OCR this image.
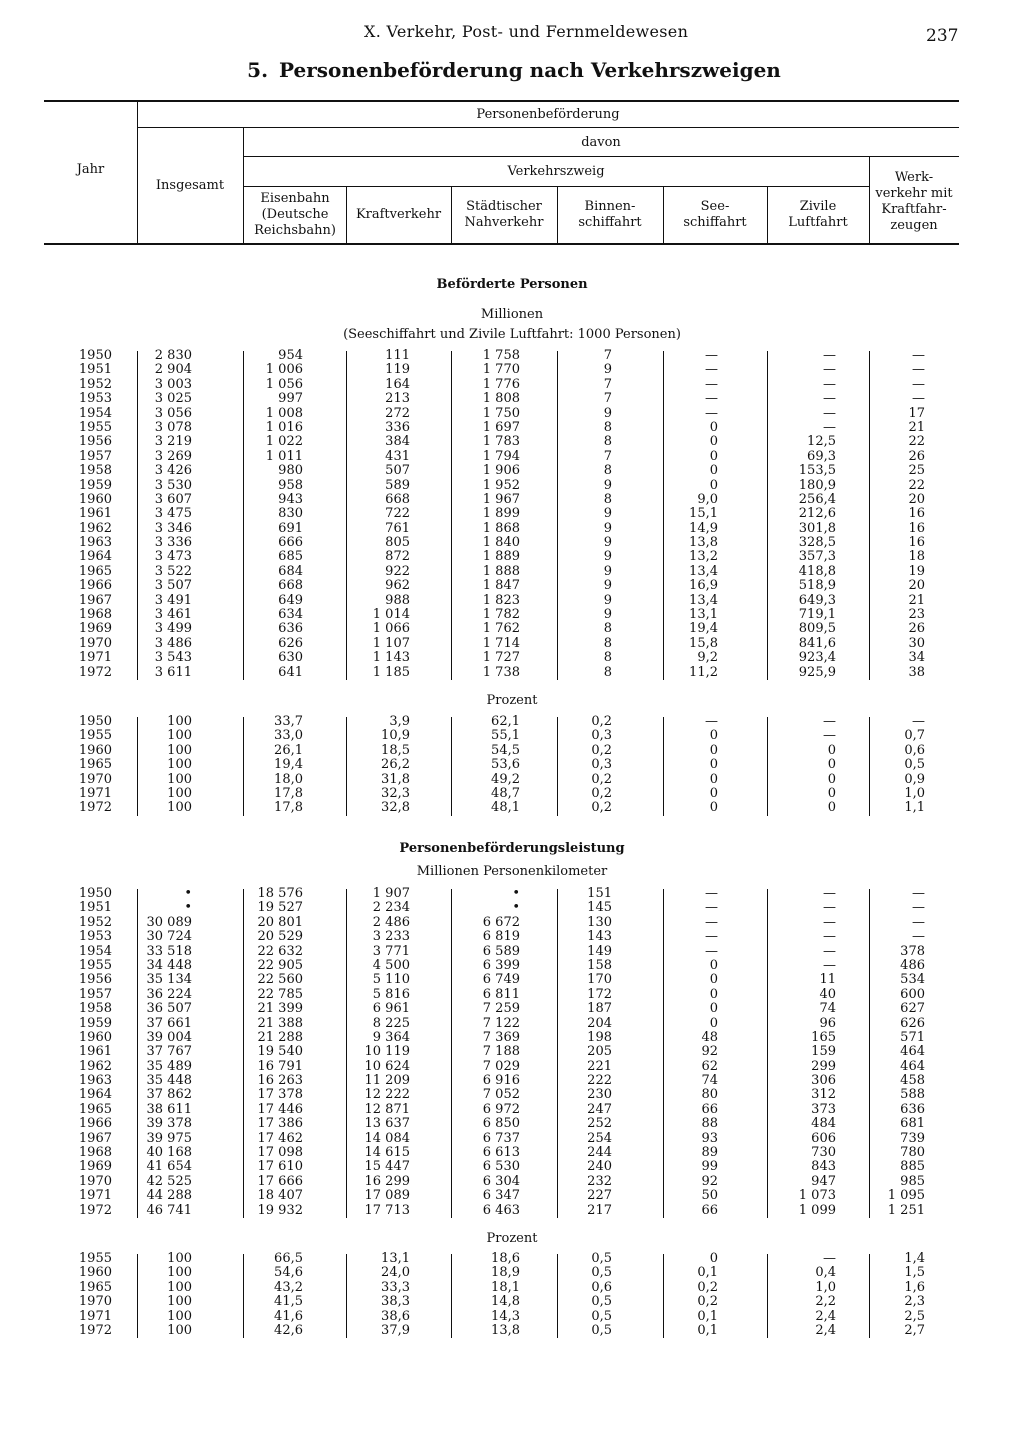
X. Verkehr, Post- und Fernmeldewesen	237
5. Personenbeförderung nach Verkehrszweigen
Jahr
Personenbeförderung
Insgesamt
davon
Verkehrszweig
Eisenbahn (Deutsche Reichsbahn)
Kraftverkehr
Städtischer Nahverkehr
Binnen-schiffahrt
See-schiffahrt
Zivile Luftfahrt
Werk-verkehr mit Kraftfahr-zeugen
Beförderte Personen
Millionen
(Seeschiffahrt und Zivile Luftfahrt: 1000 Personen)
Prozent
Personenbeförderungsleistung
Millionen Personenkilometer
Prozent
1950	2 830	954	111	1 758	7	—	—	—
1951	2 904	1 006	119	1 770	9	—	—	—
1952	3 003	1 056	164	1 776	7	—	—	—
1953	3 025	997	213	1 808	7	—	—	—
1954	3 056	1 008	272	1 750	9	—	—	17
1955	3 078	1 016	336	1 697	8	0	—	21
1956	3 219	1 022	384	1 783	8	0	12,5	22
1957	3 269	1 011	431	1 794	7	0	69,3	26
1958	3 426	980	507	1 906	8	0	153,5	25
1959	3 530	958	589	1 952	9	0	180,9	22
1960	3 607	943	668	1 967	8	9,0	256,4	20
1961	3 475	830	722	1 899	9	15,1	212,6	16
1962	3 346	691	761	1 868	9	14,9	301,8	16
1963	3 336	666	805	1 840	9	13,8	328,5	16
1964	3 473	685	872	1 889	9	13,2	357,3	18
1965	3 522	684	922	1 888	9	13,4	418,8	19
1966	3 507	668	962	1 847	9	16,9	518,9	20
1967	3 491	649	988	1 823	9	13,4	649,3	21
1968	3 461	634	1 014	1 782	9	13,1	719,1	23
1969	3 499	636	1 066	1 762	8	19,4	809,5	26
1970	3 486	626	1 107	1 714	8	15,8	841,6	30
1971	3 543	630	1 143	1 727	8	9,2	923,4	34
1972	3 611	641	1 185	1 738	8	11,2	925,9	38
1950	100	33,7	3,9	62,1	0,2	—	—	—
1955	100	33,0	10,9	55,1	0,3	0	—	0,7
1960	100	26,1	18,5	54,5	0,2	0	0	0,6
1965	100	19,4	26,2	53,6	0,3	0	0	0,5
1970	100	18,0	31,8	49,2	0,2	0	0	0,9
1971	100	17,8	32,3	48,7	0,2	0	0	1,0
1972	100	17,8	32,8	48,1	0,2	0	0	1,1
1950	•	18 576	1 907	•	151	—	—	—
1951	•	19 527	2 234	•	145	—	—	—
1952	30 089	20 801	2 486	6 672	130	—	—	—
1953	30 724	20 529	3 233	6 819	143	—	—	—
1954	33 518	22 632	3 771	6 589	149	—	—	378
1955	34 448	22 905	4 500	6 399	158	0	—	486
1956	35 134	22 560	5 110	6 749	170	0	11	534
1957	36 224	22 785	5 816	6 811	172	0	40	600
1958	36 507	21 399	6 961	7 259	187	0	74	627
1959	37 661	21 388	8 225	7 122	204	0	96	626
1960	39 004	21 288	9 364	7 369	198	48	165	571
1961	37 767	19 540	10 119	7 188	205	92	159	464
1962	35 489	16 791	10 624	7 029	221	62	299	464
1963	35 448	16 263	11 209	6 916	222	74	306	458
1964	37 862	17 378	12 222	7 052	230	80	312	588
1965	38 611	17 446	12 871	6 972	247	66	373	636
1966	39 378	17 386	13 637	6 850	252	88	484	681
1967	39 975	17 462	14 084	6 737	254	93	606	739
1968	40 168	17 098	14 615	6 613	244	89	730	780
1969	41 654	17 610	15 447	6 530	240	99	843	885
1970	42 525	17 666	16 299	6 304	232	92	947	985
1971	44 288	18 407	17 089	6 347	227	50	1 073	1 095
1972	46 741	19 932	17 713	6 463	217	66	1 099	1 251
1955	100	66,5	13,1	18,6	0,5	0	—	1,4
1960	100	54,6	24,0	18,9	0,5	0,1	0,4	1,5
1965	100	43,2	33,3	18,1	0,6	0,2	1,0	1,6
1970	100	41,5	38,3	14,8	0,5	0,2	2,2	2,3
1971	100	41,6	38,6	14,3	0,5	0,1	2,4	2,5
1972	100	42,6	37,9	13,8	0,5	0,1	2,4	2,7
